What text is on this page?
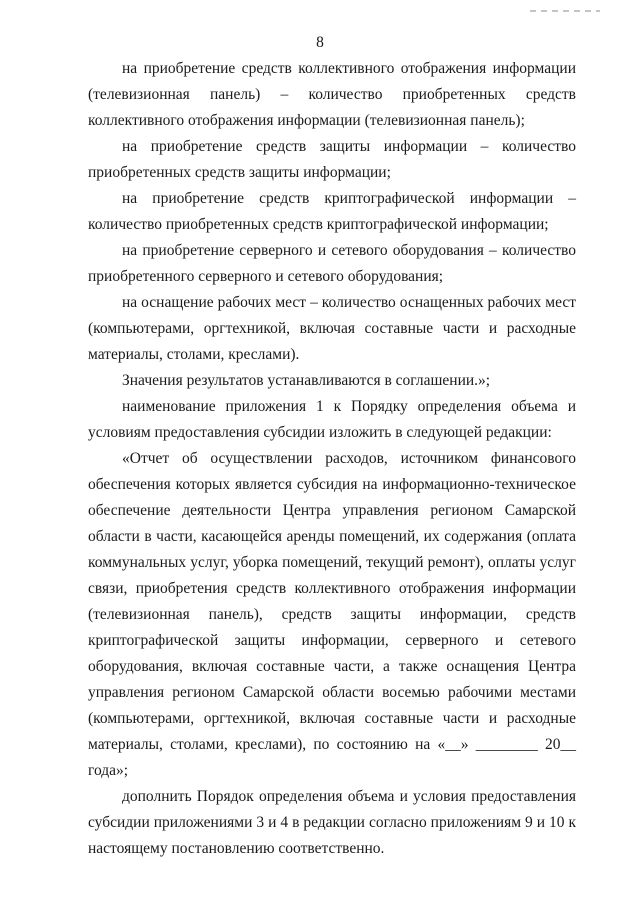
8

на приобретение средств коллективного отображения информации (телевизионная панель) – количество приобретенных средств коллективного отображения информации (телевизионная панель);

на приобретение средств защиты информации – количество приобретенных средств защиты информации;

на приобретение средств криптографической информации – количество приобретенных средств криптографической информации;

на приобретение серверного и сетевого оборудования – количество приобретенного серверного и сетевого оборудования;

на оснащение рабочих мест – количество оснащенных рабочих мест (компьютерами, оргтехникой, включая составные части и расходные материалы, столами, креслами).

Значения результатов устанавливаются в соглашении.»;

наименование приложения 1 к Порядку определения объема и условиям предоставления субсидии изложить в следующей редакции:

«Отчет об осуществлении расходов, источником финансового обеспечения которых является субсидия на информационно-техническое обеспечение деятельности Центра управления регионом Самарской области в части, касающейся аренды помещений, их содержания (оплата коммунальных услуг, уборка помещений, текущий ремонт), оплаты услуг связи, приобретения средств коллективного отображения информации (телевизионная панель), средств защиты информации, средств криптографической защиты информации, серверного и сетевого оборудования, включая составные части, а также оснащения Центра управления регионом Самарской области восемью рабочими местами (компьютерами, оргтехникой, включая составные части и расходные материалы, столами, креслами), по состоянию на «__» ________ 20__ года»;

дополнить Порядок определения объема и условия предоставления субсидии приложениями 3 и 4 в редакции согласно приложениям 9 и 10 к настоящему постановлению соответственно.
